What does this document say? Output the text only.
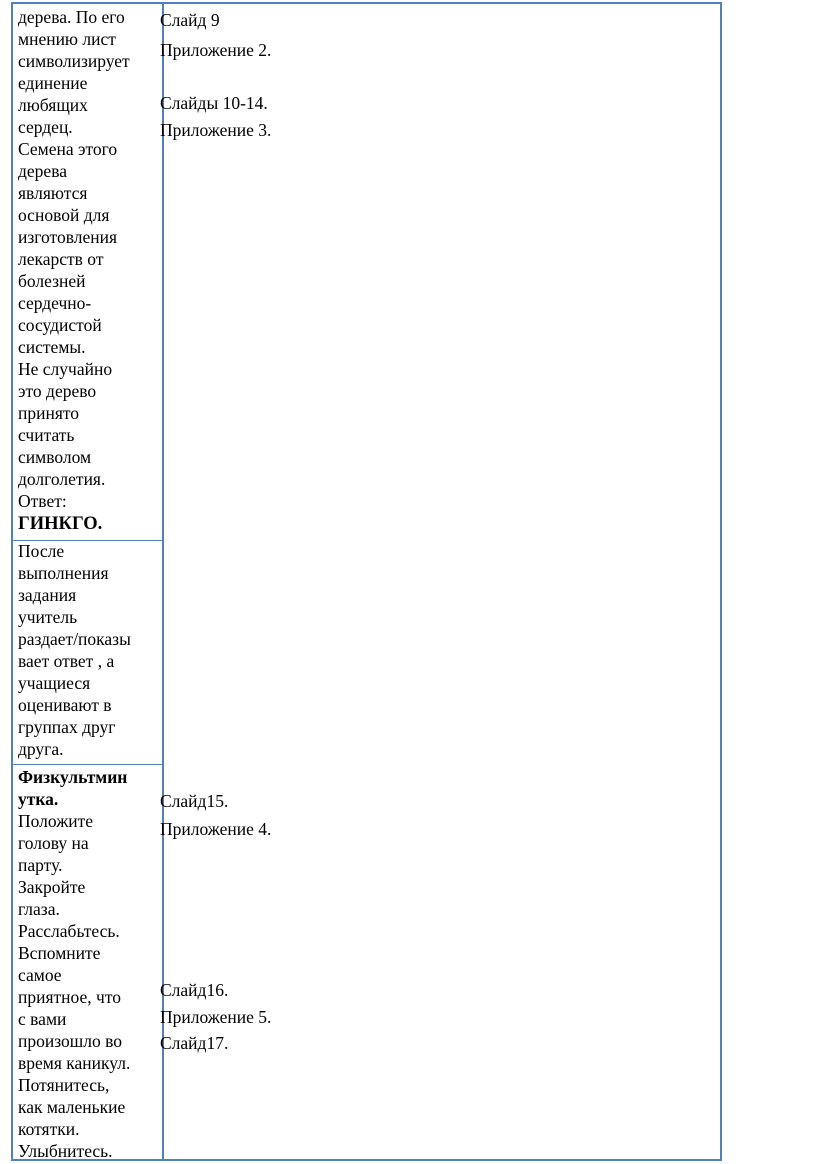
дерева. По его
мнению лист
символизирует
единение
любящих
сердец.
Семена этого
дерева
являются
основой для
изготовления
лекарств от
болезней
сердечно-
сосудистой
системы.
Не случайно
это дерево
принято
считать
символом
долголетия.
Ответ:
ГИНКГО.
После
выполнения
задания
учитель
раздает/показы
вает ответ , а
учащиеся
оценивают в
группах друг
друга.
Физкультмин
утка.
Положите
голову на
парту.
Закройте
глаза.
Расслабьтесь.
Вспомните
самое
приятное, что
с вами
произошло во
время каникул.
Потянитесь,
как маленькие
котятки.
Улыбнитесь.
Слайд 9
Приложение 2.
Слайды 10-14.
Приложение 3.
Слайд15.
Приложение 4.
Слайд16.
Приложение 5.
Слайд17.
